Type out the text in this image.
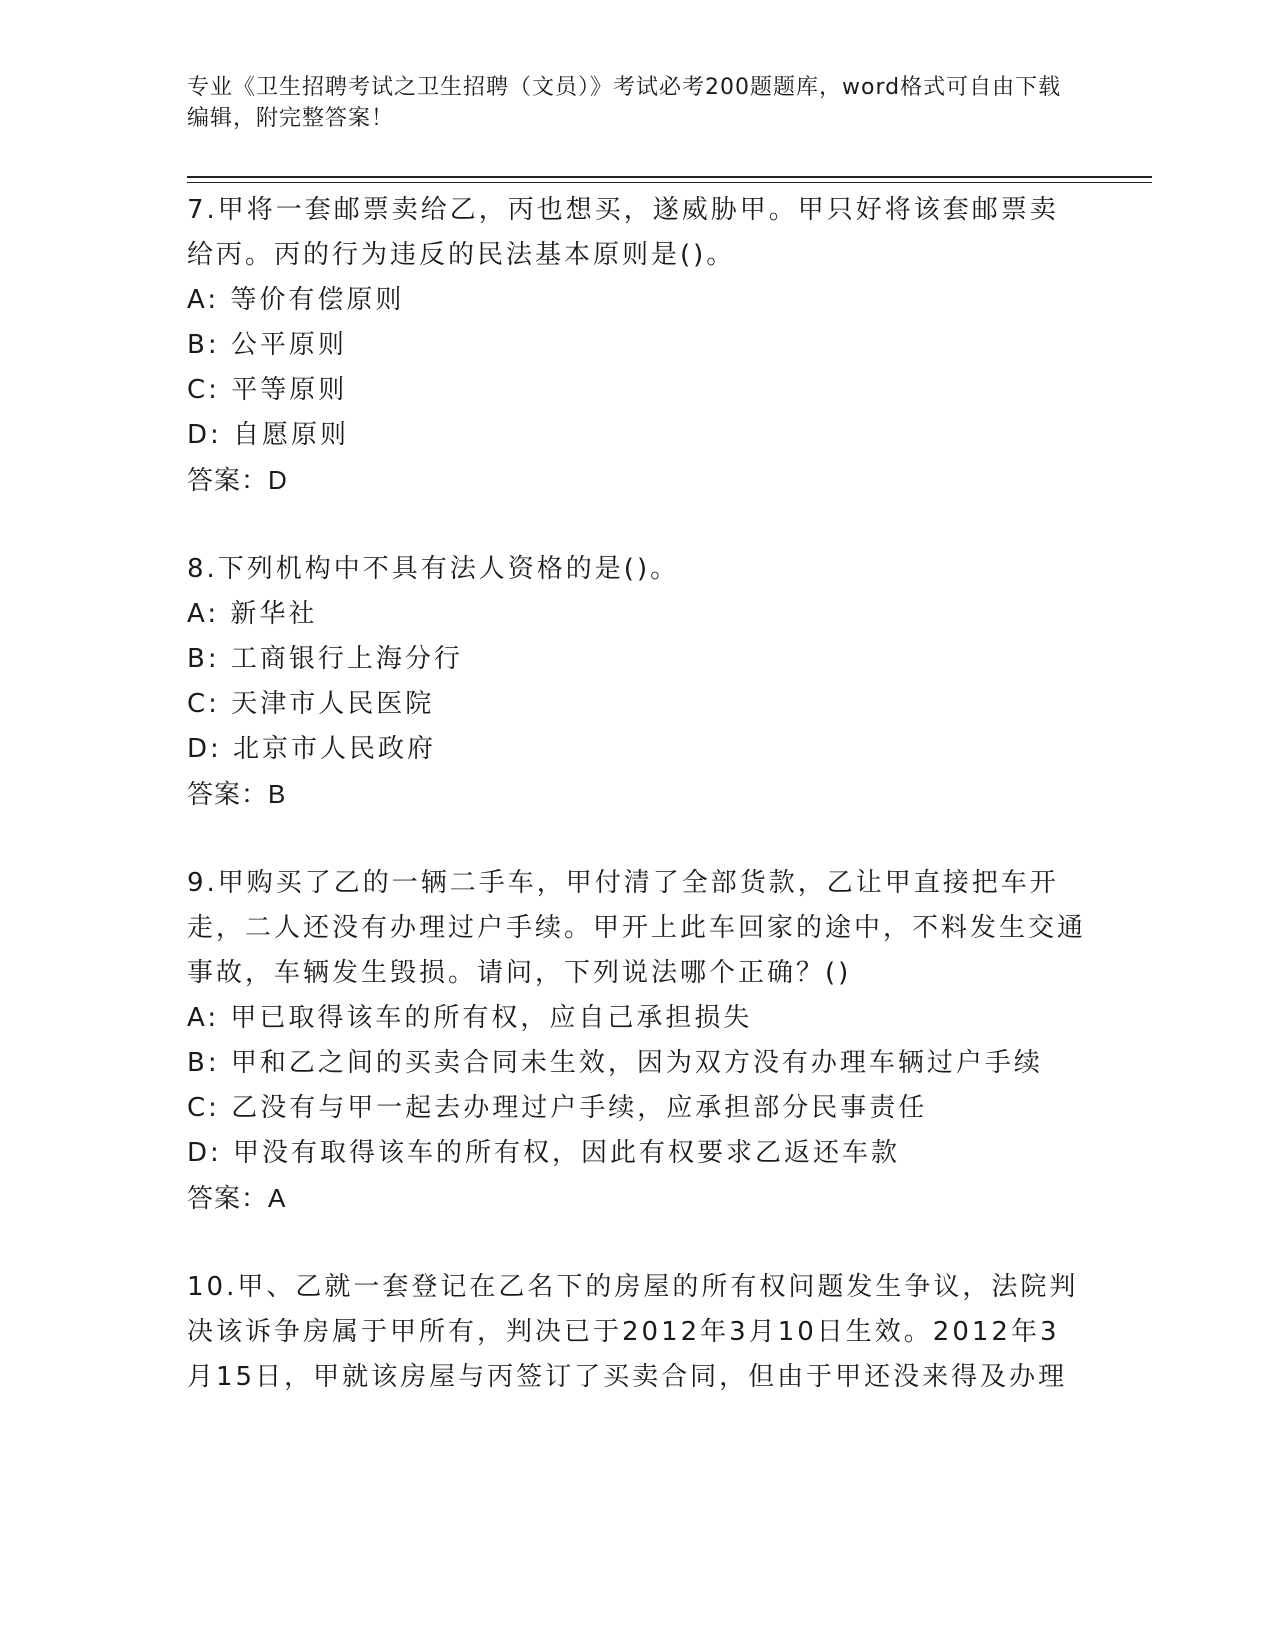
专业《卫生招聘考试之卫生招聘（文员）》考试必考200题题库，word格式可自由下载编辑，附完整答案！
7.甲将一套邮票卖给乙，丙也想买，遂威胁甲。甲只好将该套邮票卖给丙。丙的行为违反的民法基本原则是()。
A: 等价有偿原则
B: 公平原则
C: 平等原则
D: 自愿原则
答案：D
8.下列机构中不具有法人资格的是()。
A: 新华社
B: 工商银行上海分行
C: 天津市人民医院
D: 北京市人民政府
答案：B
9.甲购买了乙的一辆二手车，甲付清了全部货款，乙让甲直接把车开走，二人还没有办理过户手续。甲开上此车回家的途中，不料发生交通事故，车辆发生毁损。请问，下列说法哪个正确？()
A: 甲已取得该车的所有权，应自己承担损失
B: 甲和乙之间的买卖合同未生效，因为双方没有办理车辆过户手续
C: 乙没有与甲一起去办理过户手续，应承担部分民事责任
D: 甲没有取得该车的所有权，因此有权要求乙返还车款
答案：A
10.甲、乙就一套登记在乙名下的房屋的所有权问题发生争议，法院判决该诉争房属于甲所有，判决已于2012年3月10日生效。2012年3月15日，甲就该房屋与丙签订了买卖合同，但由于甲还没来得及办理
